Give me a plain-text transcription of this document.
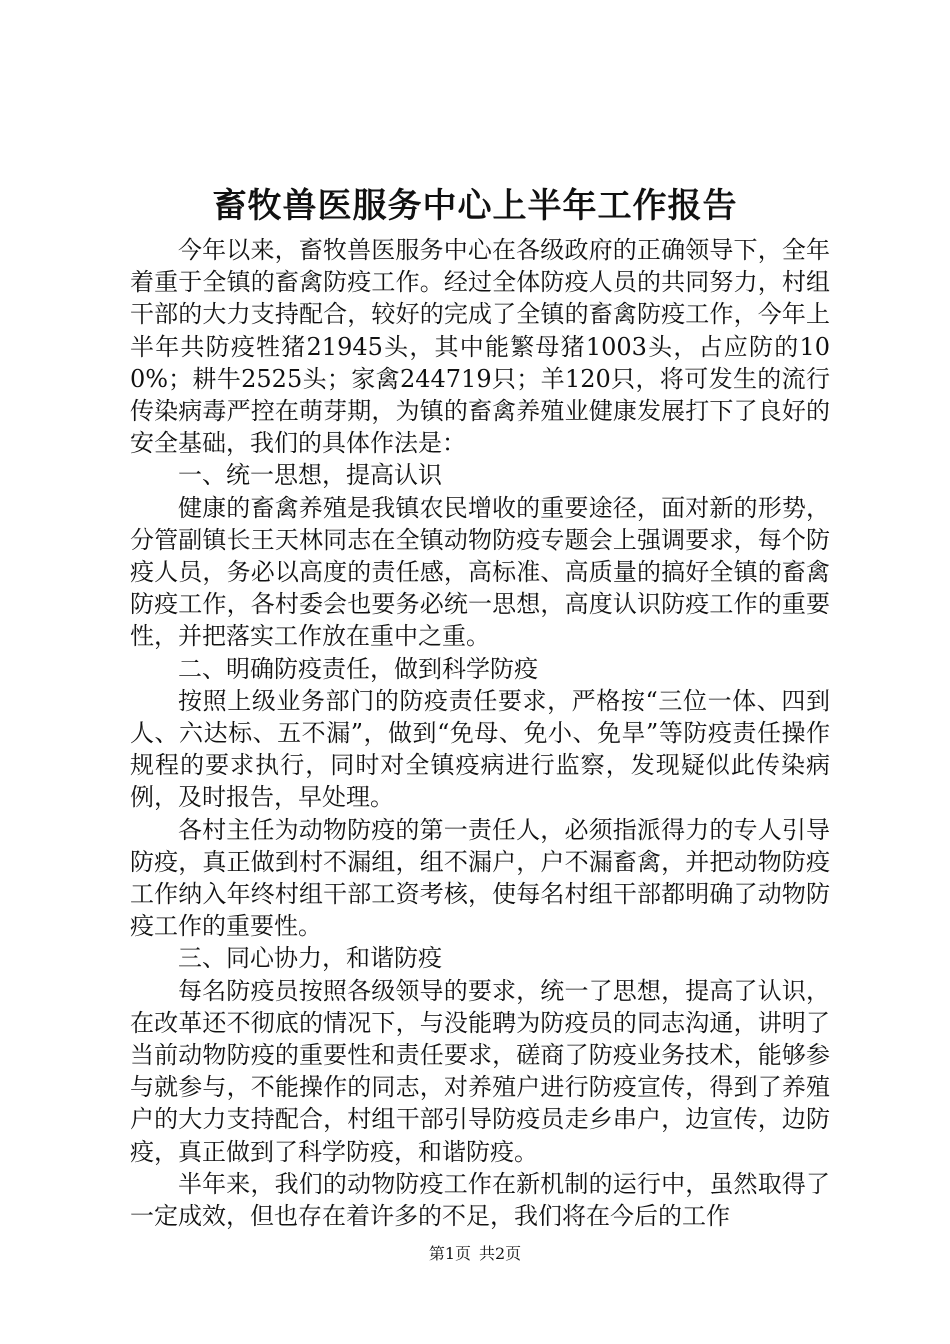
畜牧兽医服务中心上半年工作报告

今年以来，畜牧兽医服务中心在各级政府的正确领导下，全年着重于全镇的畜禽防疫工作。经过全体防疫人员的共同努力，村组干部的大力支持配合，较好的完成了全镇的畜禽防疫工作，今年上半年共防疫牲猪21945头，其中能繁母猪1003头，占应防的100%；耕牛2525头；家禽244719只；羊120只，将可发生的流行传染病毒严控在萌芽期，为镇的畜禽养殖业健康发展打下了良好的安全基础，我们的具体作法是：

一、统一思想，提高认识

健康的畜禽养殖是我镇农民增收的重要途径，面对新的形势，分管副镇长王天林同志在全镇动物防疫专题会上强调要求，每个防疫人员，务必以高度的责任感，高标准、高质量的搞好全镇的畜禽防疫工作，各村委会也要务必统一思想，高度认识防疫工作的重要性，并把落实工作放在重中之重。

二、明确防疫责任，做到科学防疫

按照上级业务部门的防疫责任要求，严格按“三位一体、四到人、六达标、五不漏”，做到“免母、免小、免旱”等防疫责任操作规程的要求执行，同时对全镇疫病进行监察，发现疑似此传染病例，及时报告，早处理。

各村主任为动物防疫的第一责任人，必须指派得力的专人引导防疫，真正做到村不漏组，组不漏户，户不漏畜禽，并把动物防疫工作纳入年终村组干部工资考核，使每名村组干部都明确了动物防疫工作的重要性。

三、同心协力，和谐防疫

每名防疫员按照各级领导的要求，统一了思想，提高了认识，在改革还不彻底的情况下，与没能聘为防疫员的同志沟通，讲明了当前动物防疫的重要性和责任要求，磋商了防疫业务技术，能够参与就参与，不能操作的同志，对养殖户进行防疫宣传，得到了养殖户的大力支持配合，村组干部引导防疫员走乡串户，边宣传，边防疫，真正做到了科学防疫，和谐防疫。

半年来，我们的动物防疫工作在新机制的运行中，虽然取得了一定成效，但也存在着许多的不足，我们将在今后的工作

第1页 共2页
